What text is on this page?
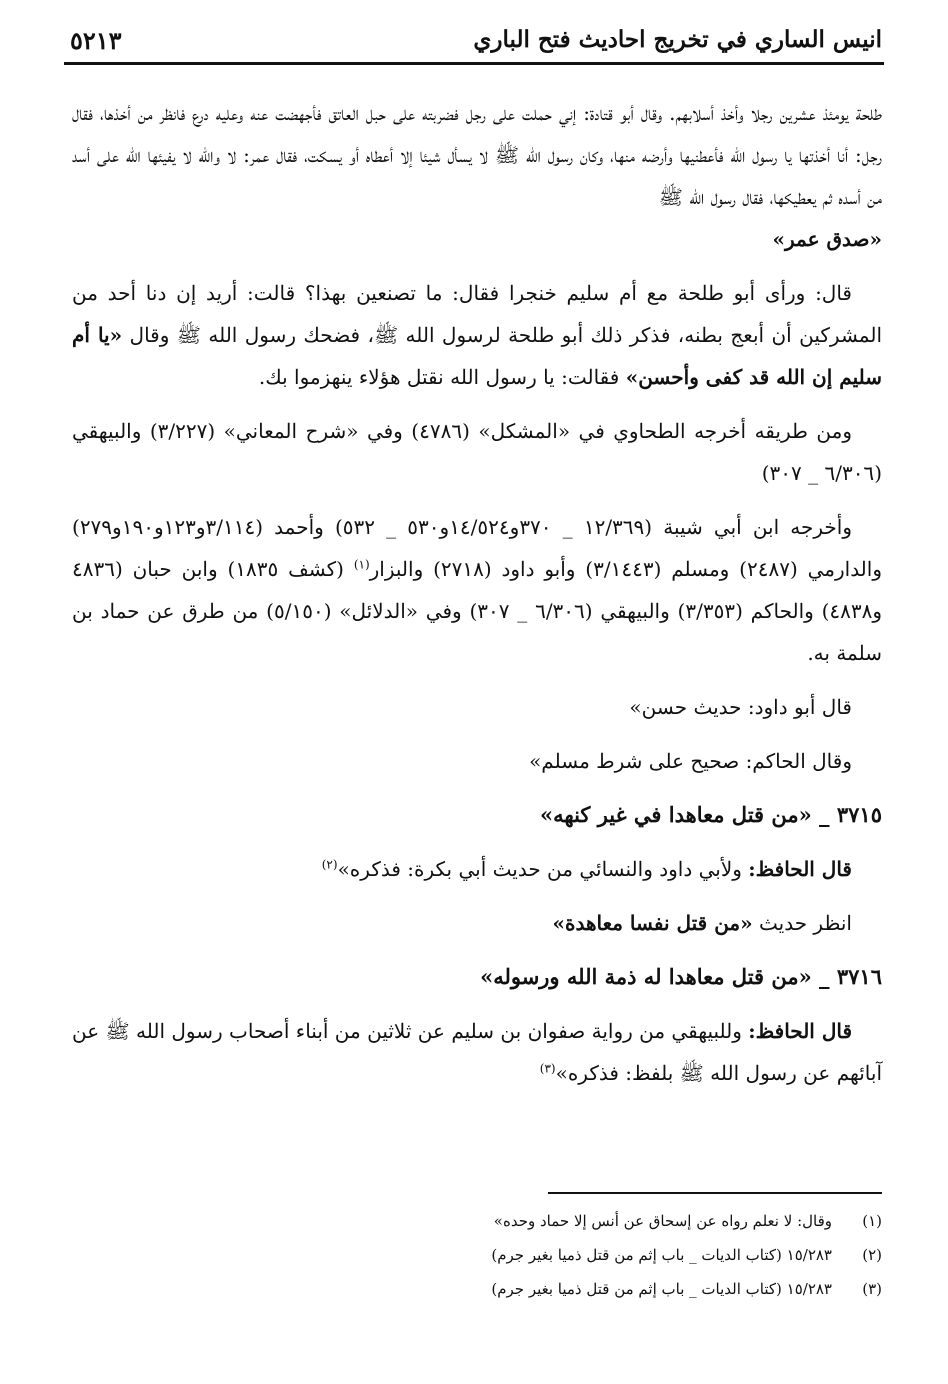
انيس الساري في تخريج احاديث فتح الباري
٥٢١٣

طلحة يومئذ عشرين رجلا وأخذ أسلابهم. وقال أبو قتادة: إني حملت على رجل فضربته على حبل العاتق فأجهضت عنه وعليه درع فانظر من أخذها، فقال رجل: أنا أخذتها يا رسول الله فأعطنيها وأرضه منها، وكان رسول الله ﷺ لا يسأل شيئا إلا أعطاه أو يسكت، فقال عمر: لا والله لا يفيئها الله على أسد من أسده ثم يعطيكها، فقال رسول الله ﷺ
«صدق عمر»

قال: ورأى أبو طلحة مع أم سليم خنجرا فقال: ما تصنعين بهذا؟ قالت: أريد إن دنا أحد من المشركين أن أبعج بطنه، فذكر ذلك أبو طلحة لرسول الله ﷺ، فضحك رسول الله ﷺ وقال «يا أم سليم إن الله قد كفى وأحسن» فقالت: يا رسول الله نقتل هؤلاء ينهزموا بك.

ومن طريقه أخرجه الطحاوي في «المشكل» (٤٧٨٦) وفي «شرح المعاني» (٣/٢٢٧) والبيهقي (٦/٣٠٦ _ ٣٠٧)

وأخرجه ابن أبي شيبة (١٢/٣٦٩ _ ٣٧٠و١٤/٥٢٤و٥٣٠ _ ٥٣٢) وأحمد (٣/١١٤و١٢٣و١٩٠و٢٧٩) والدارمي (٢٤٨٧) ومسلم (٣/١٤٤٣) وأبو داود (٢٧١٨) والبزار$^{(١)}$ (كشف ١٨٣٥) وابن حبان (٤٨٣٦ و٤٨٣٨) والحاكم (٣/٣٥٣) والبيهقي (٦/٣٠٦ _ ٣٠٧) وفي «الدلائل» (٥/١٥٠) من طرق عن حماد بن سلمة به.

قال أبو داود: حديث حسن»

وقال الحاكم: صحيح على شرط مسلم»

٣٧١٥ _ «من قتل معاهدا في غير كنهه»

قال الحافظ: ولأبي داود والنسائي من حديث أبي بكرة: فذكره»$^{(٢)}$

انظر حديث «من قتل نفسا معاهدة»

٣٧١٦ _ «من قتل معاهدا له ذمة الله ورسوله»

قال الحافظ: وللبيهقي من رواية صفوان بن سليم عن ثلاثين من أبناء أصحاب رسول الله ﷺ عن آبائهم عن رسول الله ﷺ بلفظ: فذكره»$^{(٣)}$

(١)
وقال: لا نعلم رواه عن إسحاق عن أنس إلا حماد وحده»
(٢)
١٥/٢٨٣ (كتاب الديات _ باب إثم من قتل ذميا بغير جرم)
(٣)
١٥/٢٨٣ (كتاب الديات _ باب إثم من قتل ذميا بغير جرم)
